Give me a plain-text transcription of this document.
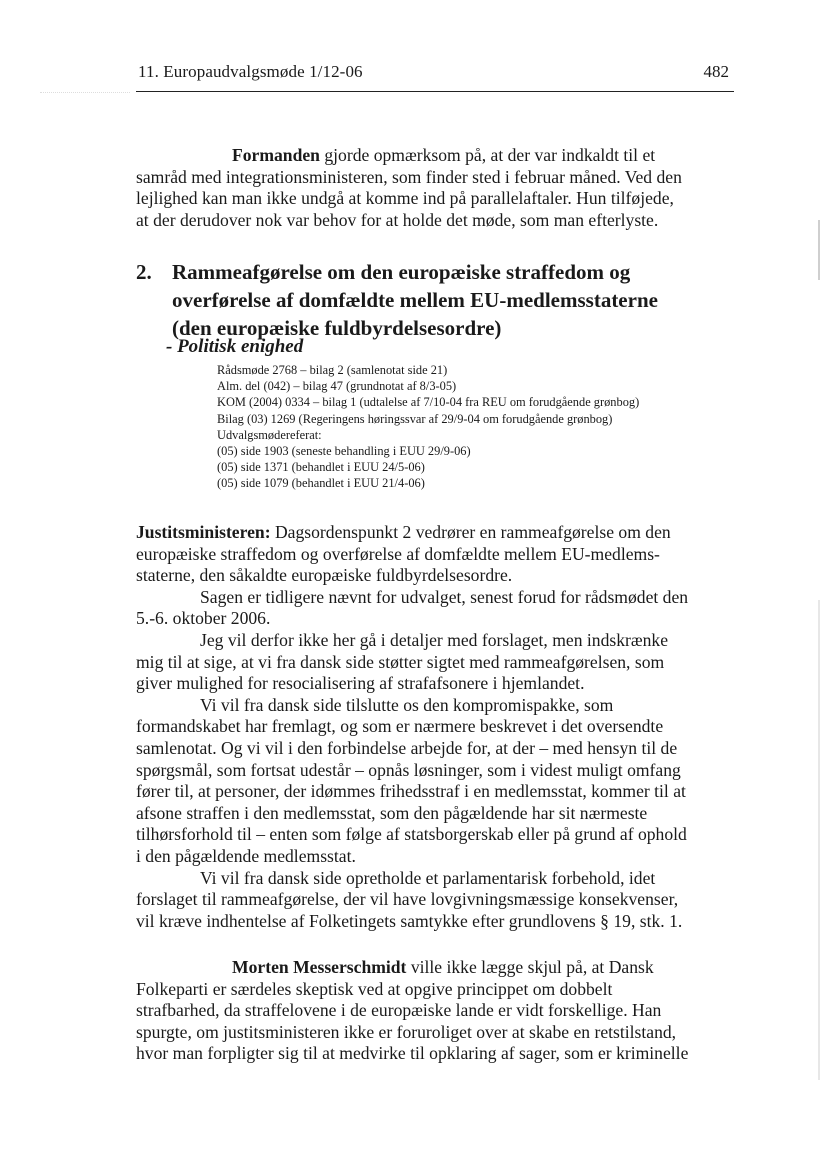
11. Europaudvalgsmøde 1/12-06	482
Formanden gjorde opmærksom på, at der var indkaldt til et
samråd med integrationsministeren, som finder sted i februar måned. Ved den
lejlighed kan man ikke undgå at komme ind på parallelaftaler. Hun tilføjede,
at der derudover nok var behov for at holde det møde, som man efterlyste.
2. Rammeafgørelse om den europæiske straffedom og
overførelse af domfældte mellem EU-medlemsstaterne
(den europæiske fuldbyrdelsesordre)
- Politisk enighed
Rådsmøde 2768 – bilag 2 (samlenotat side 21)
Alm. del (042) – bilag 47 (grundnotat af 8/3-05)
KOM (2004) 0334 – bilag 1 (udtalelse af 7/10-04 fra REU om forudgående grønbog)
Bilag (03) 1269 (Regeringens høringssvar af 29/9-04 om forudgående grønbog)
Udvalgsmødereferat:
(05) side 1903 (seneste behandling i EUU 29/9-06)
(05) side 1371 (behandlet i EUU 24/5-06)
(05) side 1079 (behandlet i EUU 21/4-06)
Justitsministeren: Dagsordenspunkt 2 vedrører en rammeafgørelse om den
europæiske straffedom og overførelse af domfældte mellem EU-medlems-
staterne, den såkaldte europæiske fuldbyrdelsesordre.
Sagen er tidligere nævnt for udvalget, senest forud for rådsmødet den
5.-6. oktober 2006.
Jeg vil derfor ikke her gå i detaljer med forslaget, men indskrænke
mig til at sige, at vi fra dansk side støtter sigtet med rammeafgørelsen, som
giver mulighed for resocialisering af strafafsonere i hjemlandet.
Vi vil fra dansk side tilslutte os den kompromispakke, som
formandskabet har fremlagt, og som er nærmere beskrevet i det oversendte
samlenotat. Og vi vil i den forbindelse arbejde for, at der – med hensyn til de
spørgsmål, som fortsat udestår – opnås løsninger, som i videst muligt omfang
fører til, at personer, der idømmes frihedsstraf i en medlemsstat, kommer til at
afsone straffen i den medlemsstat, som den pågældende har sit nærmeste
tilhørsforhold til – enten som følge af statsborgerskab eller på grund af ophold
i den pågældende medlemsstat.
Vi vil fra dansk side opretholde et parlamentarisk forbehold, idet
forslaget til rammeafgørelse, der vil have lovgivningsmæssige konsekvenser,
vil kræve indhentelse af Folketingets samtykke efter grundlovens § 19, stk. 1.
Morten Messerschmidt ville ikke lægge skjul på, at Dansk
Folkeparti er særdeles skeptisk ved at opgive princippet om dobbelt
strafbarhed, da straffelovene i de europæiske lande er vidt forskellige. Han
spurgte, om justitsministeren ikke er foruroliget over at skabe en retstilstand,
hvor man forpligter sig til at medvirke til opklaring af sager, som er kriminelle
